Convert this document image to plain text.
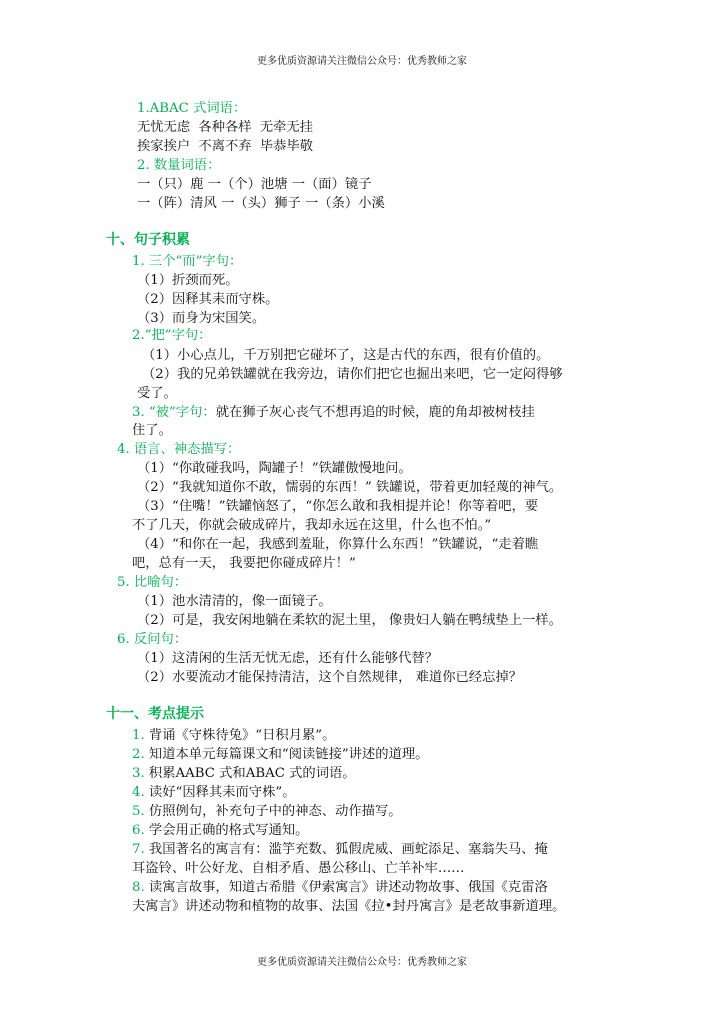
更多优质资源请关注微信公众号：优秀教师之家
1.ABAC 式词语：
无忧无虑 各种各样 无牵无挂
挨家挨户 不离不弃 毕恭毕敬
2. 数量词语：
一（只）鹿 一（个）池塘 一（面）镜子
一（阵）清风 一（头）狮子 一（条）小溪
十、句子积累
1. 三个“而”字句：
（1）折颈而死。
（2）因释其耒而守株。
（3）而身为宋国笑。
2.“把”字句：
（1）小心点儿，千万别把它碰坏了，这是古代的东西，很有价值的。
（2）我的兄弟铁罐就在我旁边，请你们把它也掘出来吧，它一定闷得够
受了。
3. “被”字句：就在狮子灰心丧气不想再追的时候，鹿的角却被树枝挂
住了。
4. 语言、神态描写：
（1）“你敢碰我吗，陶罐子！”铁罐傲慢地问。
（2）“我就知道你不敢，懦弱的东西！” 铁罐说，带着更加轻蔑的神气。
（3）“住嘴！”铁罐恼怒了，“你怎么敢和我相提并论！你等着吧，要
不了几天，你就会破成碎片，我却永远在这里，什么也不怕。”
（4）“和你在一起，我感到羞耻，你算什么东西！”铁罐说，“走着瞧
吧，总有一天， 我要把你碰成碎片！”
5. 比喻句：
（1）池水清清的，像一面镜子。
（2）可是，我安闲地躺在柔软的泥土里， 像贵妇人躺在鸭绒垫上一样。
6. 反问句：
（1）这清闲的生活无忧无虑，还有什么能够代替？
（2）水要流动才能保持清洁，这个自然规律， 难道你已经忘掉？
十一、考点提示
1. 背诵《守株待兔》“日积月累”。
2. 知道本单元每篇课文和“阅读链接”讲述的道理。
3. 积累AABC 式和ABAC 式的词语。
4. 读好“因释其耒而守株”。
5. 仿照例句，补充句子中的神态、动作描写。
6. 学会用正确的格式写通知。
7. 我国著名的寓言有：滥竽充数、狐假虎威、画蛇添足、塞翁失马、掩
耳盗铃、叶公好龙、自相矛盾、愚公移山、亡羊补牢……
8. 读寓言故事，知道古希腊《伊索寓言》讲述动物故事、俄国《克雷洛
夫寓言》讲述动物和植物的故事、法国《拉•封丹寓言》是老故事新道理。
更多优质资源请关注微信公众号：优秀教师之家
